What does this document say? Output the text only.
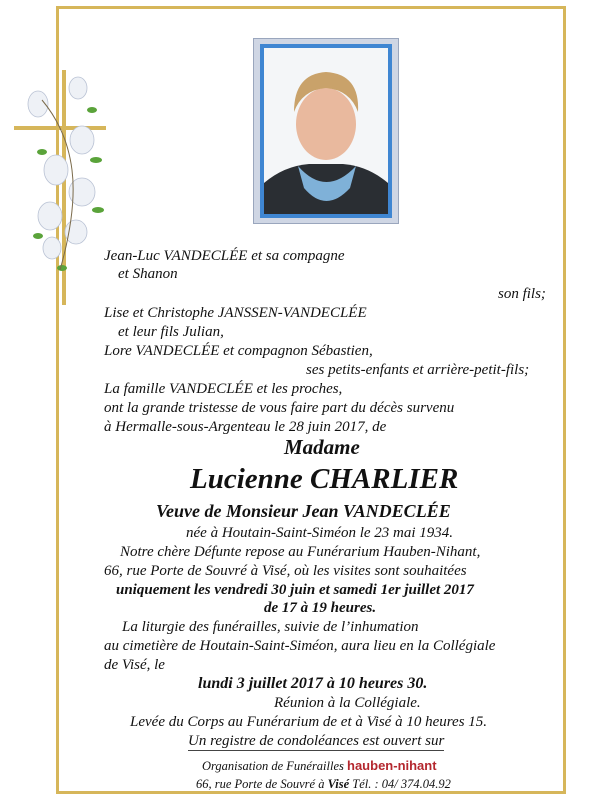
Jean-Luc VANDECLÉE et sa compagne
et Shanon
son fils;
Lise et Christophe JANSSEN-VANDECLÉE
et leur fils Julian,
Lore VANDECLÉE et compagnon Sébastien,
ses petits-enfants et arrière-petit-fils;
La famille VANDECLÉE et les proches,
ont la grande tristesse de vous faire part du décès survenu
à Hermalle-sous-Argenteau le 28 juin 2017, de
Madame
Lucienne CHARLIER
Veuve de Monsieur Jean VANDECLÉE
née à Houtain-Saint-Siméon le 23 mai 1934.
Notre chère Défunte repose au Funérarium Hauben-Nihant,
66, rue Porte de Souvré à Visé, où les visites sont souhaitées
uniquement les vendredi 30 juin et samedi 1er juillet 2017
de 17 à 19 heures.
La liturgie des funérailles, suivie de l’inhumation
au cimetière de Houtain-Saint-Siméon, aura lieu en la Collégiale
de Visé, le
lundi 3 juillet 2017 à 10 heures 30.
Réunion à la Collégiale.
Levée du Corps au Funérarium de et à Visé à 10 heures 15.
Un registre de condoléances est ouvert sur
Organisation de Funérailles hauben-nihant
66, rue Porte de Souvré à Visé Tél. : 04/ 374.04.92
